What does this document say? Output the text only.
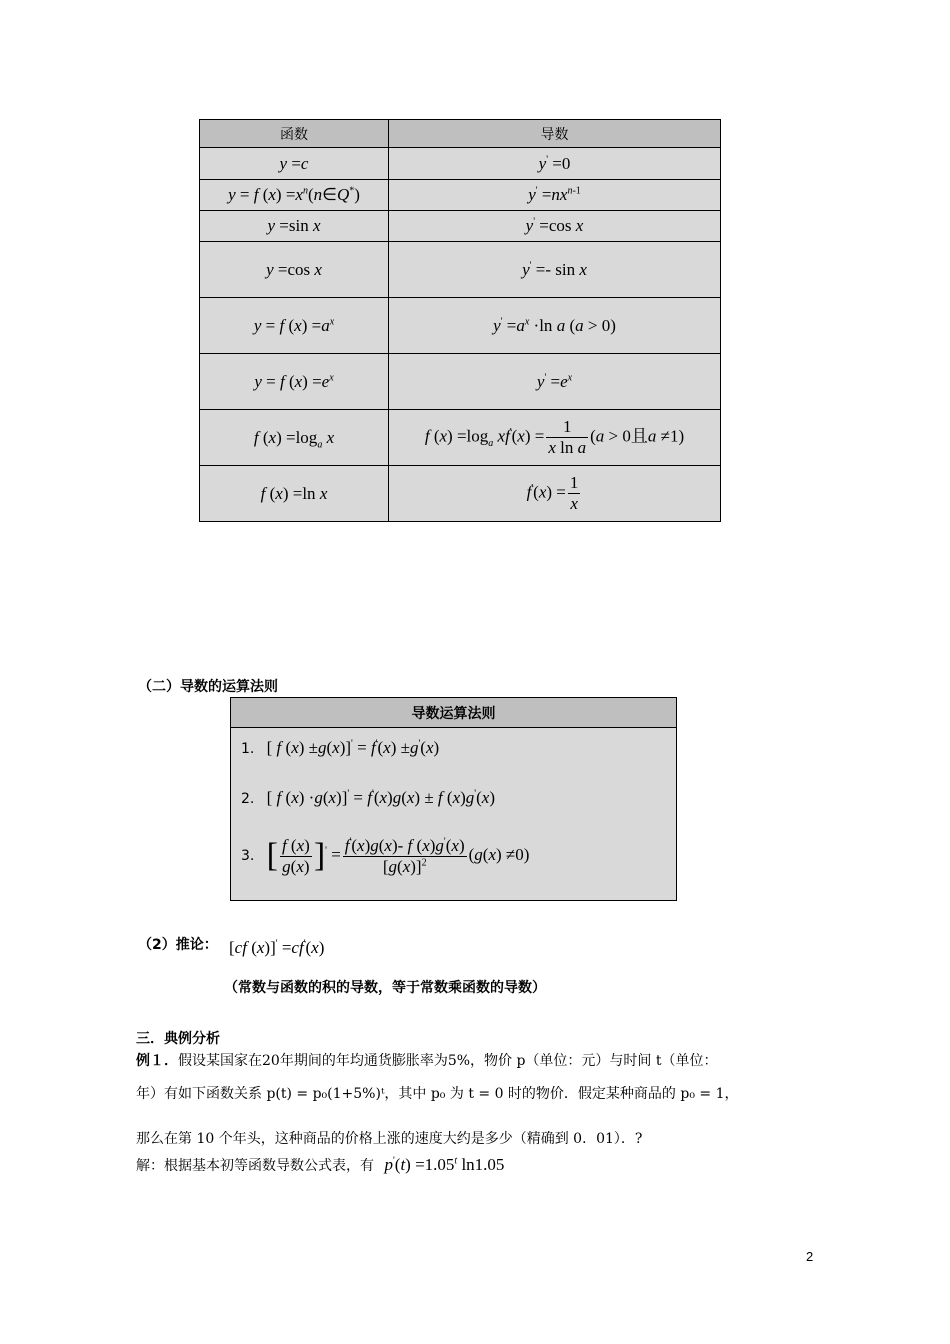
函数	导数
y =c	y' =0
y = f $(x) =x^n(n\in Q^*)$	$y' =nx^{n-1}$
y =sin x	y' =cos x
y =cos x	y' =- sin x
y = f $(x) =a^x$	$y' =a^x \cdot\ln$ a (a > 0)
y = f $(x) =e^x$	$y' =e^x$
f $(x) =\log_a$ x	f $(x) =\log_a$ $xf'(x) = \frac{1}{\text{x ln a}} (a > 0$且a ≠1)
f (x) =ln x	$f'(x) = \frac{1}{x}$
（二）导数的运算法则
导数运算法则

1. [ f (x) ±g(x)]' = f'(x) ±g'(x)
2. [ f (x) ·g(x)]' = f'(x)g(x) ± f (x)g'(x)
3. [ $\frac{f (x)}{g(x)} ]' = \frac{f'(x)g(x)- f (x)g'(x)}{[g(x)]^2} (g(x) \ne 0)$
（2）推论： [cf (x)]' =cf'(x)
（常数与函数的积的导数，等于常数乘函数的导数）
三．典例分析
例１．假设某国家在20年期间的年均通货膨胀率为5%，物价 p（单位：元）与时间 t（单位：
年）有如下函数关系 p(t) = p₀(1+5%)ᵗ，其中 p₀ 为 t = 0 时的物价．假定某种商品的 p₀ = 1，
那么在第 10 个年头，这种商品的价格上涨的速度大约是多少（精确到 0．01）．?
解：根据基本初等函数导数公式表，有 $p'(t) =1.05^t$ ln1.05
2
